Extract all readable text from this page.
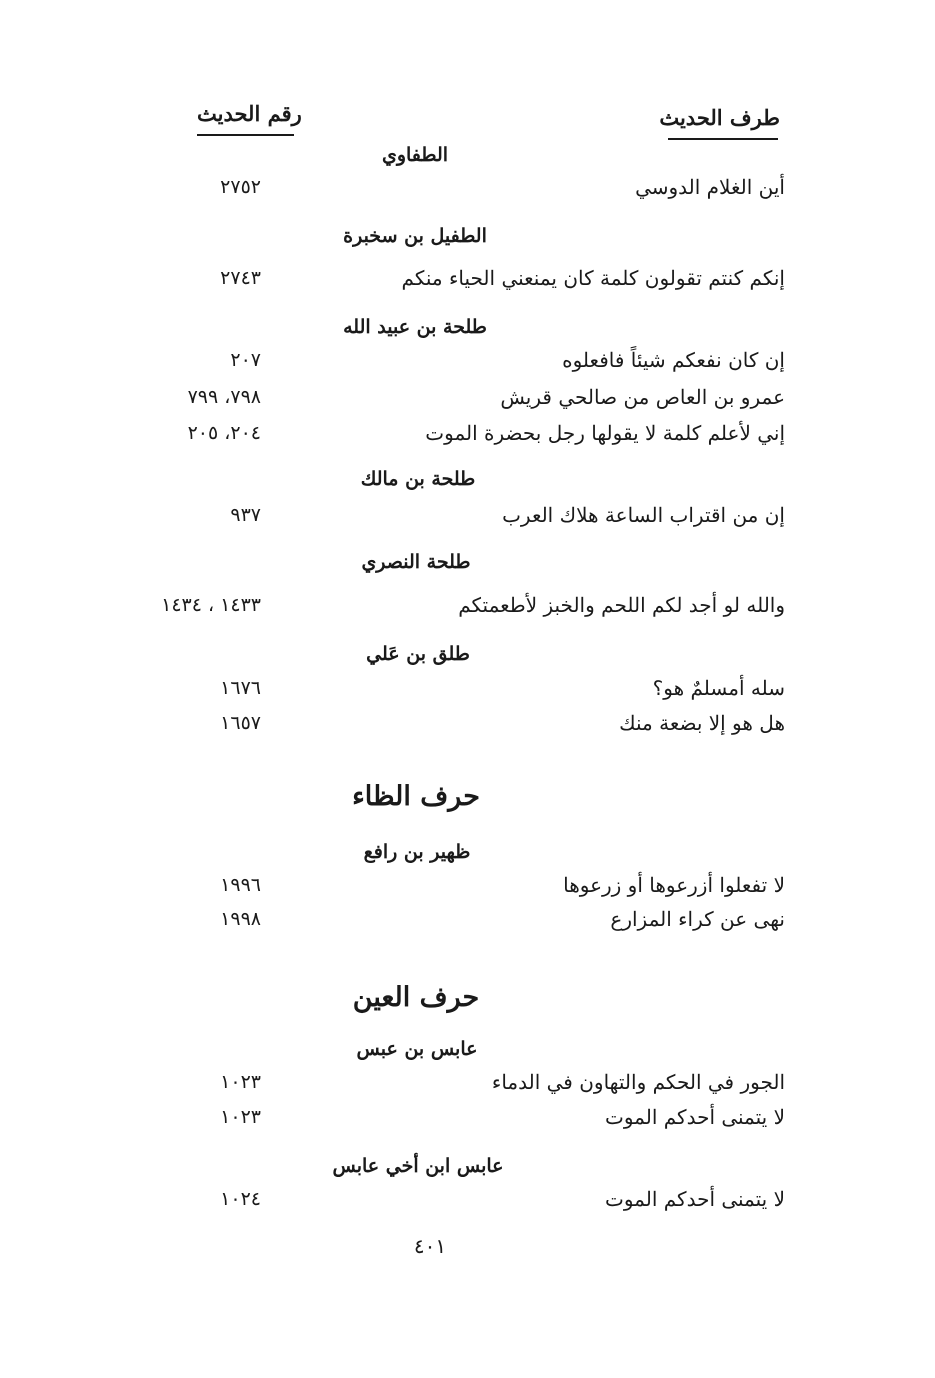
رقم الحديث	طرف الحديث
الطفاوي
أين الغلام الدوسي
٢٧٥٢
الطفيل بن سخبرة
إنكم كنتم تقولون كلمة كان يمنعني الحياء منكم
٢٧٤٣
طلحة بن عبيد الله
إن كان نفعكم شيئاً فافعلوه
٢٠٧
عمرو بن العاص من صالحي قريش
٧٩٨، ٧٩٩
إني لأعلم كلمة لا يقولها رجل بحضرة الموت
٢٠٤، ٢٠٥
طلحة بن مالك
إن من اقتراب الساعة هلاك العرب
٩٣٧
طلحة النصري
والله لو أجد لكم اللحم والخبز لأطعمتكم
١٤٣٣ ، ١٤٣٤
طلق بن عَلي
سله أمسلمٌ هو؟
١٦٧٦
هل هو إلا بضعة منك
١٦٥٧
حرف الظاء
ظهير بن رافع
لا تفعلوا أزرعوها أو زرعوها
١٩٩٦
نهى عن كراء المزارع
١٩٩٨
حرف العين
عابس بن عبس
الجور في الحكم والتهاون في الدماء
١٠٢٣
لا يتمنى أحدكم الموت
١٠٢٣
عابس ابن أخي عابس
لا يتمنى أحدكم الموت
١٠٢٤
٤٠١
